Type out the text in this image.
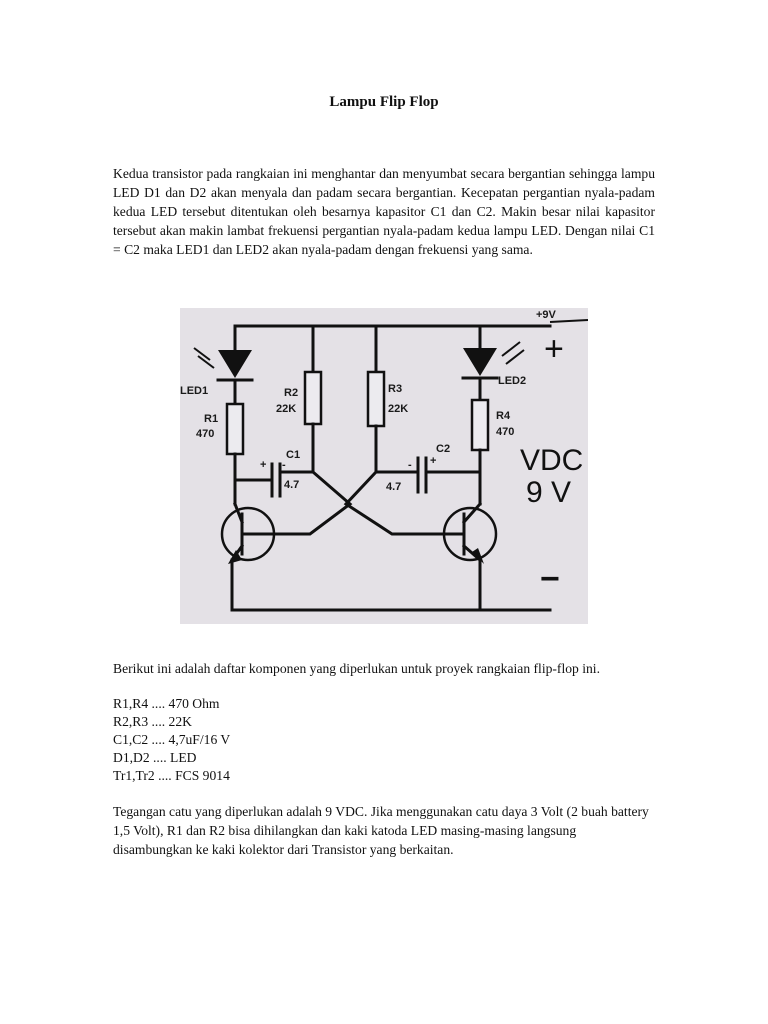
Lampu Flip Flop

Kedua transistor pada rangkaian ini menghantar dan menyumbat secara bergantian sehingga lampu LED D1 dan D2 akan menyala dan padam secara bergantian. Kecepatan pergantian nyala-padam kedua LED tersebut ditentukan oleh besarnya kapasitor C1 dan C2. Makin besar nilai kapasitor tersebut akan makin lambat frekuensi pergantian nyala-padam kedua lampu LED. Dengan nilai C1 = C2 maka LED1 dan LED2 akan nyala-padam dengan frekuensi yang sama.

+9V
LED1
R1
470
R2
22K
R3
22K
LED2
R4
470
+ -
C1
4.7
- +
C2
4.7
+
VDC
9 V
−

Berikut ini adalah daftar komponen yang diperlukan untuk proyek rangkaian flip-flop ini.

R1,R4 .... 470 Ohm
R2,R3 .... 22K
C1,C2 .... 4,7uF/16 V
D1,D2 .... LED
Tr1,Tr2 .... FCS 9014

Tegangan catu yang diperlukan adalah 9 VDC. Jika menggunakan catu daya 3 Volt (2 buah battery 1,5 Volt), R1 dan R2 bisa dihilangkan dan kaki katoda LED masing-masing langsung disambungkan ke kaki kolektor dari Transistor yang berkaitan.
